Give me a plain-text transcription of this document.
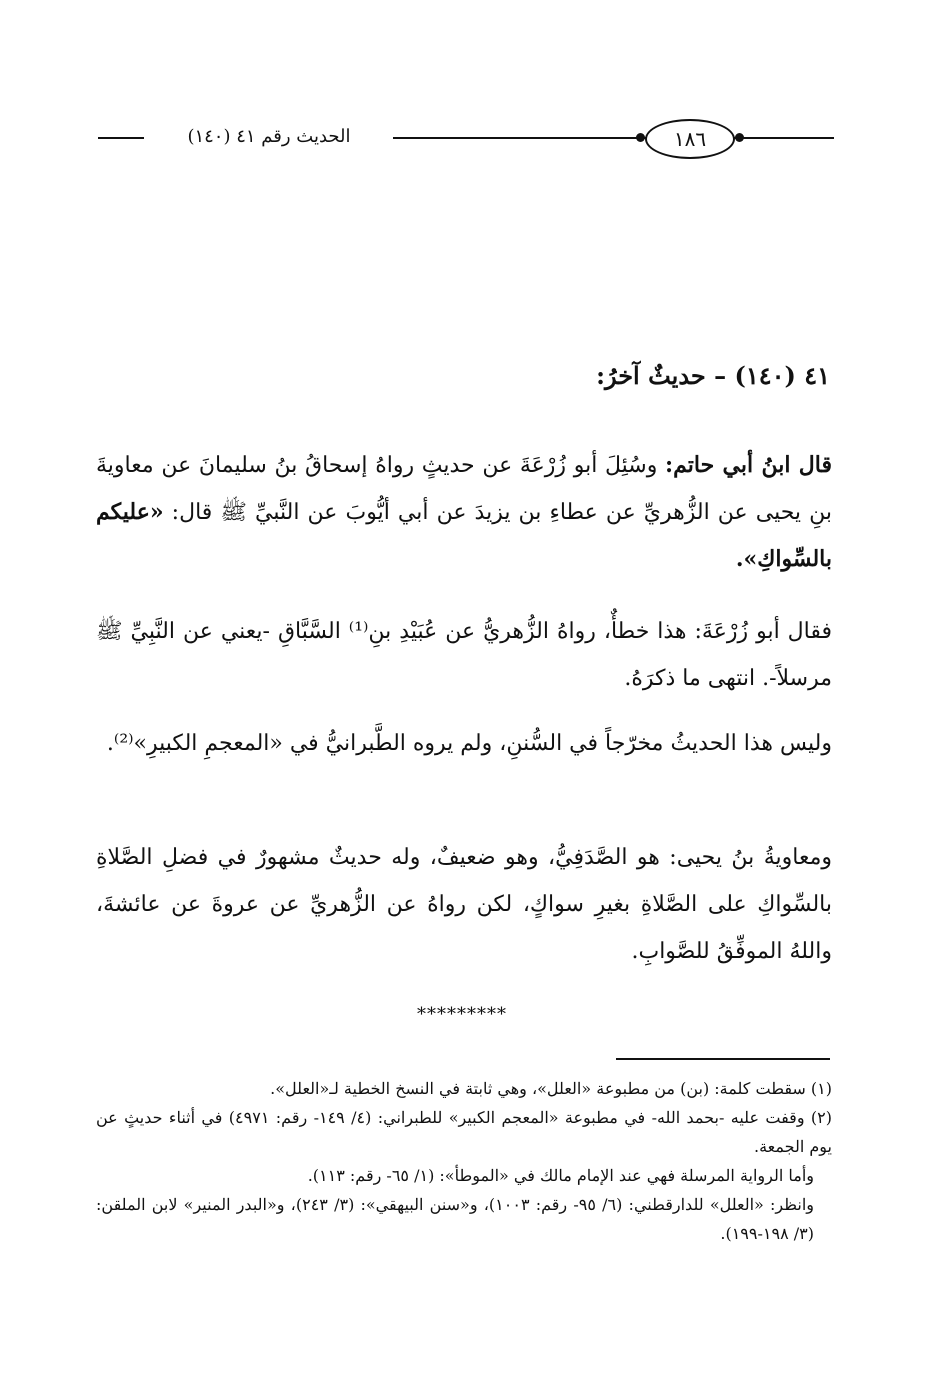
١٨٦
الحديث رقم ٤١ (١٤٠)
٤١ (١٤٠) – حديثٌ آخرُ:

قال ابنُ أبي حاتم: وسُئِلَ أبو زُرْعَةَ عن حديثٍ رواهُ إسحاقُ بنُ سليمانَ عن معاويةَ بنِ يحيى عن الزُّهريِّ عن عطاءِ بن يزيدَ عن أبي أيُّوبَ عن النَّبيِّ ﷺ قال: «عليكم بالسِّواكِ».

فقال أبو زُرْعَةَ: هذا خطأٌ، رواهُ الزُّهريُّ عن عُبَيْدِ بنِ⁽¹⁾ السَّبَّاقِ -يعني عن النَّبِيِّ ﷺ مرسلاً-. انتهى ما ذكرَهُ.

وليس هذا الحديثُ مخرّجاً في السُّننِ، ولم يروه الطَّبرانيُّ في «المعجمِ الكبيرِ»⁽²⁾.

ومعاويةُ بنُ يحيى: هو الصَّدَفِيُّ، وهو ضعيفٌ، وله حديثٌ مشهورٌ في فضلِ الصَّلاةِ بالسِّواكِ على الصَّلاةِ بغيرِ سواكٍ، لكن رواهُ عن الزُّهريِّ عن عروةَ عن عائشةَ، واللهُ الموفِّقُ للصَّوابِ.

*********

(١) سقطت كلمة: (بن) من مطبوعة «العلل»، وهي ثابتة في النسخ الخطية لـ«العلل».

(٢) وقفت عليه -بحمد الله- في مطبوعة «المعجم الكبير» للطبراني: (٤/ ١٤٩- رقم: ٤٩٧١) في أثناء حديثٍ عن يوم الجمعة.

وأما الرواية المرسلة فهي عند الإمام مالك في «الموطأ»: (١/ ٦٥- رقم: ١١٣).

وانظر: «العلل» للدارقطني: (٦/ ٩٥- رقم: ١٠٠٣)، و«سنن البيهقي»: (٣/ ٢٤٣)، و«البدر المنير» لابن الملقن: (٣/ ١٩٨-١٩٩).
